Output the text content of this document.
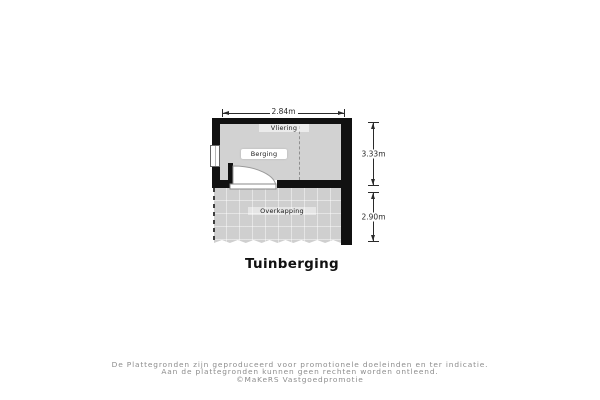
Vliering
Berging
Overkapping
2.84m
3.33m
2.90m
Tuinberging
De Plattegronden zijn geproduceerd voor promotionele doeleinden en ter indicatie.
Aan de plattegronden kunnen geen rechten worden ontleend.
©MaKeRS Vastgoedpromotie
